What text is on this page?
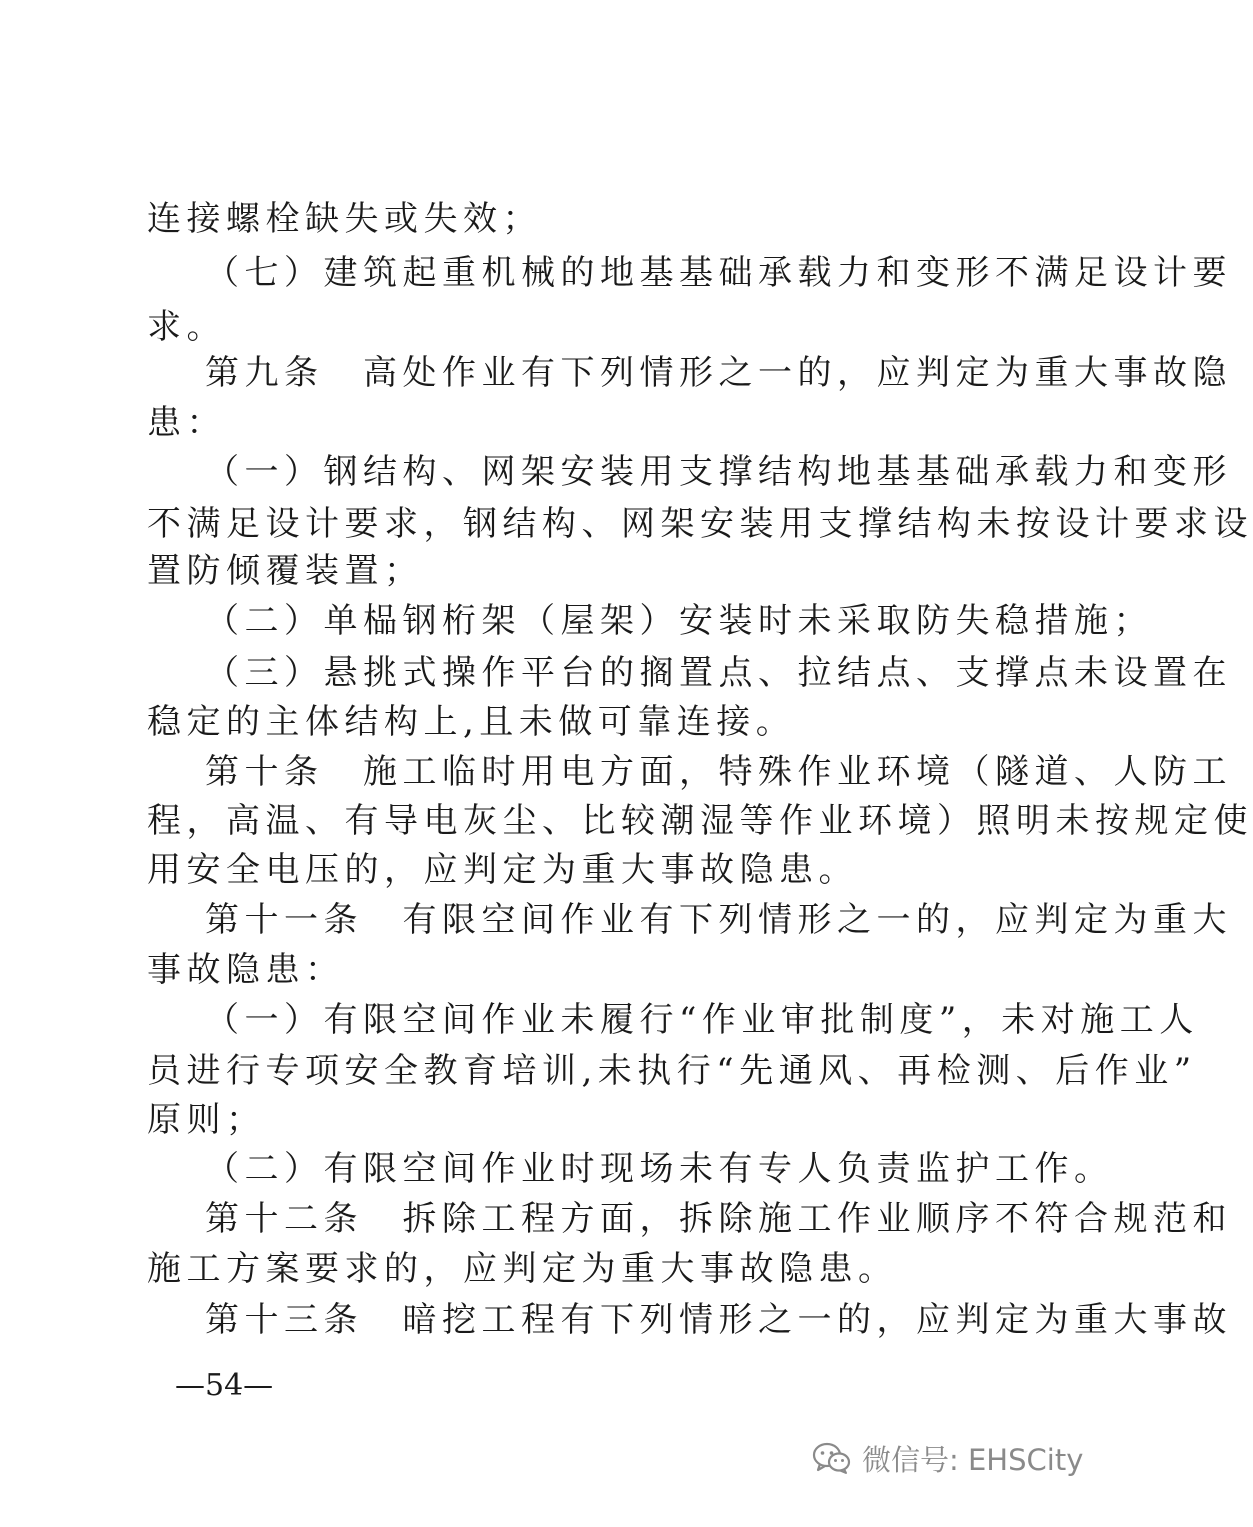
连接螺栓缺失或失效；
（七）建筑起重机械的地基基础承载力和变形不满足设计要
求。
第九条　高处作业有下列情形之一的，应判定为重大事故隐
患：
（一）钢结构、网架安装用支撑结构地基基础承载力和变形
不满足设计要求，钢结构、网架安装用支撑结构未按设计要求设
置防倾覆装置；
（二）单榀钢桁架（屋架）安装时未采取防失稳措施；
（三）悬挑式操作平台的搁置点、拉结点、支撑点未设置在
稳定的主体结构上,且未做可靠连接。
第十条　施工临时用电方面，特殊作业环境（隧道、人防工
程，高温、有导电灰尘、比较潮湿等作业环境）照明未按规定使
用安全电压的，应判定为重大事故隐患。
第十一条　有限空间作业有下列情形之一的，应判定为重大
事故隐患：
（一）有限空间作业未履行“作业审批制度”，未对施工人
员进行专项安全教育培训,未执行“先通风、再检测、后作业”
原则；
（二）有限空间作业时现场未有专人负责监护工作。
第十二条　拆除工程方面，拆除施工作业顺序不符合规范和
施工方案要求的，应判定为重大事故隐患。
第十三条　暗挖工程有下列情形之一的，应判定为重大事故
—54—
微信号: EHSCity
